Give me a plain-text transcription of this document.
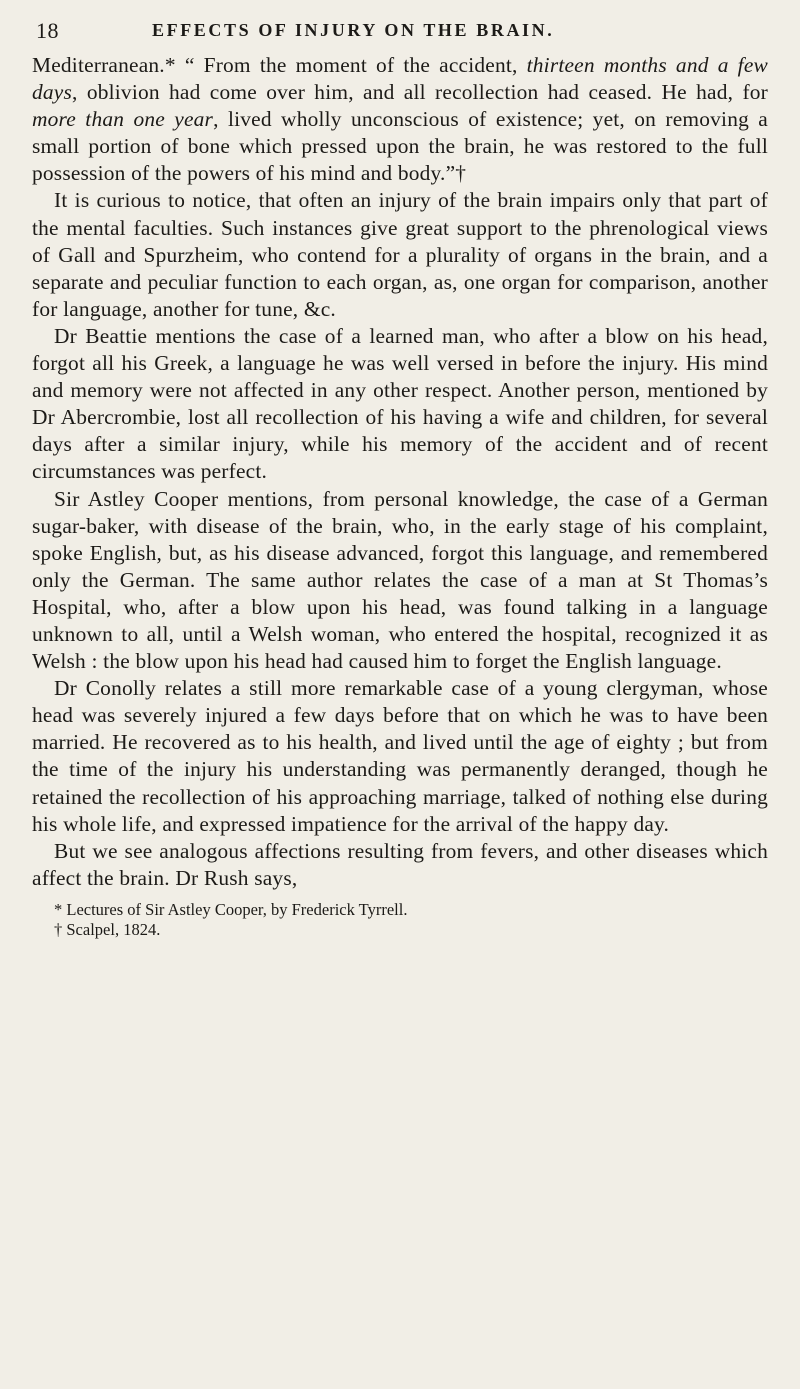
18	EFFECTS OF INJURY ON THE BRAIN.

Mediterranean.* “ From the moment of the accident, thirteen months and a few days, oblivion had come over him, and all recollection had ceased. He had, for more than one year, lived wholly unconscious of existence; yet, on removing a small portion of bone which pressed upon the brain, he was restored to the full possession of the powers of his mind and body.”†

It is curious to notice, that often an injury of the brain impairs only that part of the mental faculties. Such instances give great support to the phrenological views of Gall and Spurzheim, who contend for a plurality of organs in the brain, and a separate and peculiar function to each organ, as, one organ for comparison, another for language, another for tune, &c.

Dr Beattie mentions the case of a learned man, who after a blow on his head, forgot all his Greek, a language he was well versed in before the injury. His mind and memory were not affected in any other respect. Another person, mentioned by Dr Abercrombie, lost all recollection of his having a wife and children, for several days after a similar injury, while his memory of the accident and of recent circumstances was perfect.

Sir Astley Cooper mentions, from personal knowledge, the case of a German sugar-baker, with disease of the brain, who, in the early stage of his complaint, spoke English, but, as his disease advanced, forgot this language, and remembered only the German. The same author relates the case of a man at St Thomas’s Hospital, who, after a blow upon his head, was found talking in a language unknown to all, until a Welsh woman, who entered the hospital, recognized it as Welsh : the blow upon his head had caused him to forget the English language.

Dr Conolly relates a still more remarkable case of a young clergyman, whose head was severely injured a few days before that on which he was to have been married. He recovered as to his health, and lived until the age of eighty ; but from the time of the injury his understanding was permanently deranged, though he retained the recollection of his approaching marriage, talked of nothing else during his whole life, and expressed impatience for the arrival of the happy day.

But we see analogous affections resulting from fevers, and other diseases which affect the brain. Dr Rush says,

* Lectures of Sir Astley Cooper, by Frederick Tyrrell.
† Scalpel, 1824.
